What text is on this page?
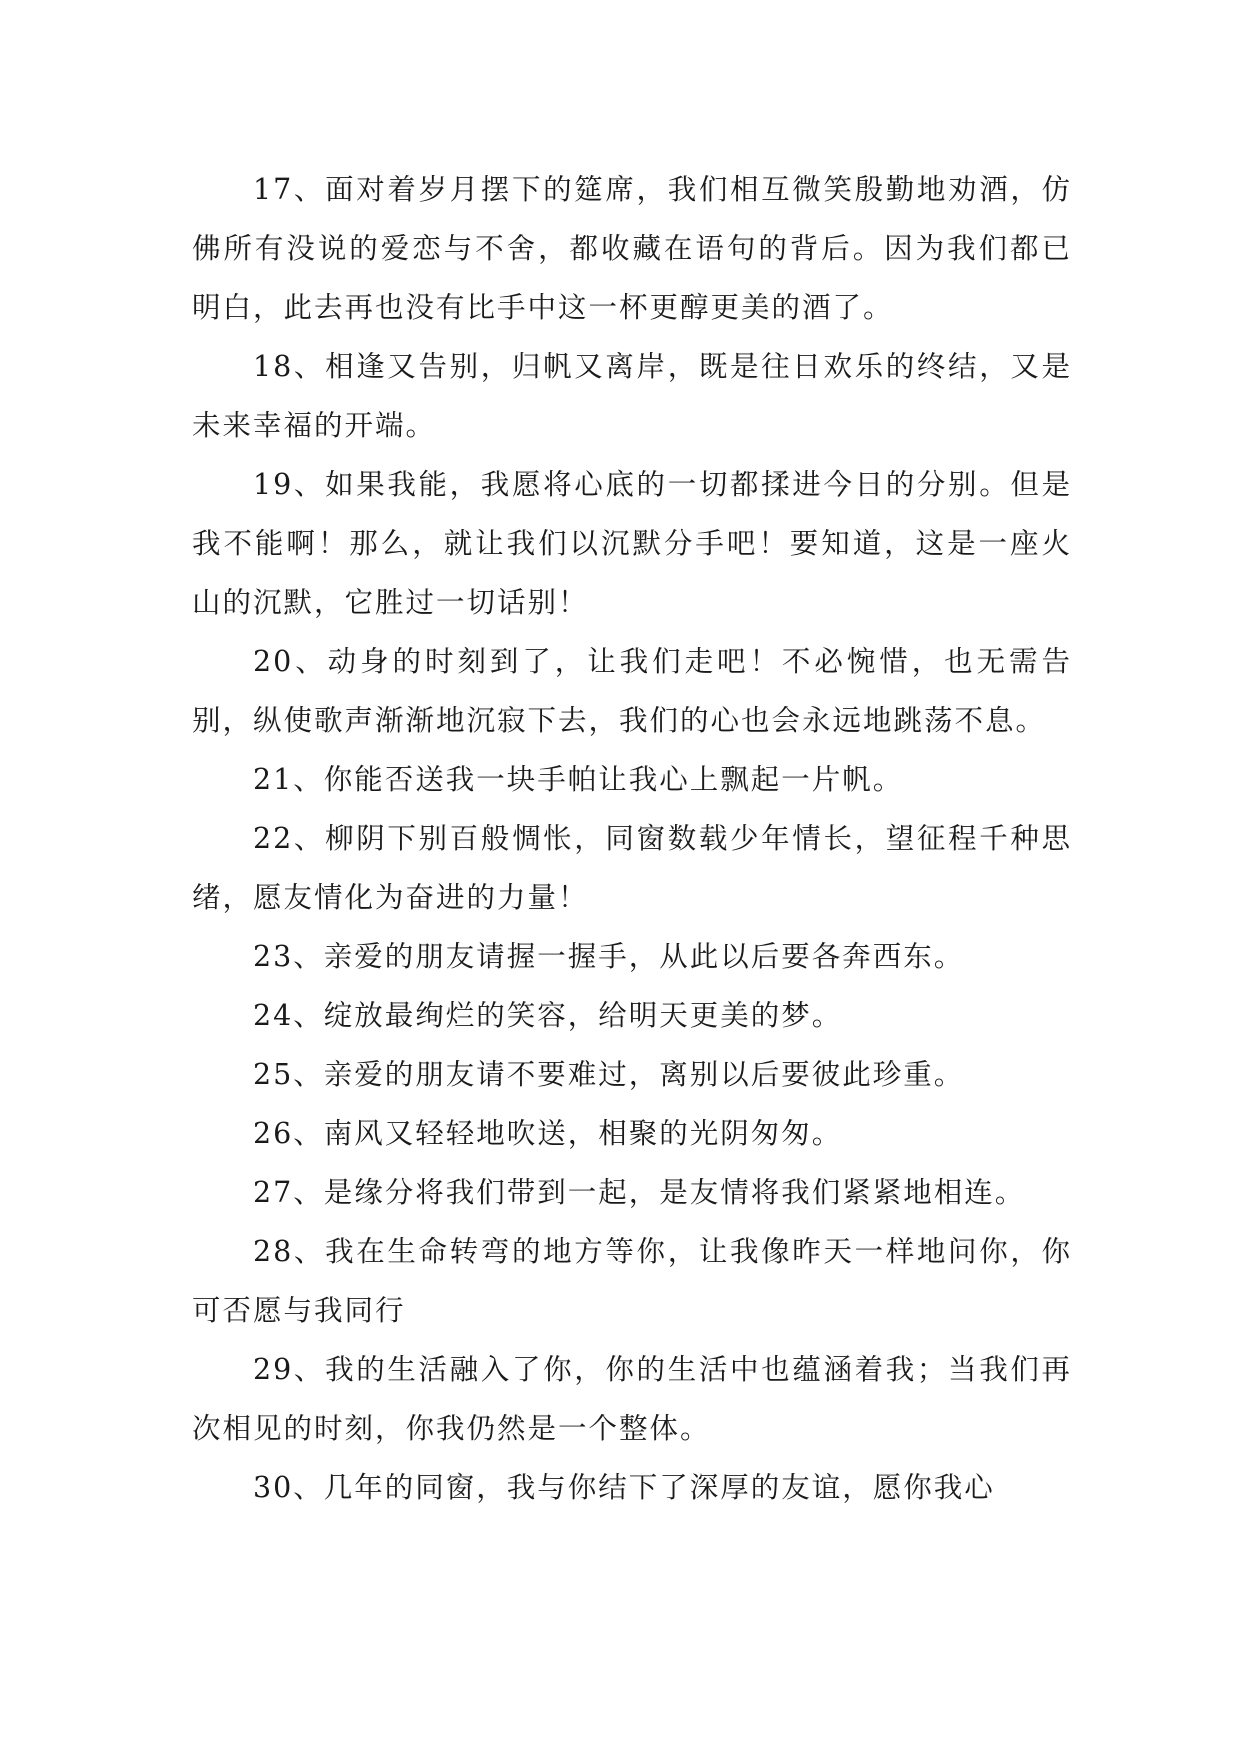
17、面对着岁月摆下的筵席，我们相互微笑殷勤地劝酒，仿佛所有没说的爱恋与不舍，都收藏在语句的背后。因为我们都已明白，此去再也没有比手中这一杯更醇更美的酒了。

18、相逢又告别，归帆又离岸，既是往日欢乐的终结，又是未来幸福的开端。

19、如果我能，我愿将心底的一切都揉进今日的分别。但是我不能啊！那么，就让我们以沉默分手吧！要知道，这是一座火山的沉默，它胜过一切话别！

20、动身的时刻到了，让我们走吧！不必惋惜，也无需告别，纵使歌声渐渐地沉寂下去，我们的心也会永远地跳荡不息。

21、你能否送我一块手帕让我心上飘起一片帆。

22、柳阴下别百般惆怅，同窗数载少年情长，望征程千种思绪，愿友情化为奋进的力量！

23、亲爱的朋友请握一握手，从此以后要各奔西东。

24、绽放最绚烂的笑容，给明天更美的梦。

25、亲爱的朋友请不要难过，离别以后要彼此珍重。

26、南风又轻轻地吹送，相聚的光阴匆匆。

27、是缘分将我们带到一起，是友情将我们紧紧地相连。

28、我在生命转弯的地方等你，让我像昨天一样地问你，你可否愿与我同行

29、我的生活融入了你，你的生活中也蕴涵着我；当我们再次相见的时刻，你我仍然是一个整体。

30、几年的同窗，我与你结下了深厚的友谊，愿你我心
